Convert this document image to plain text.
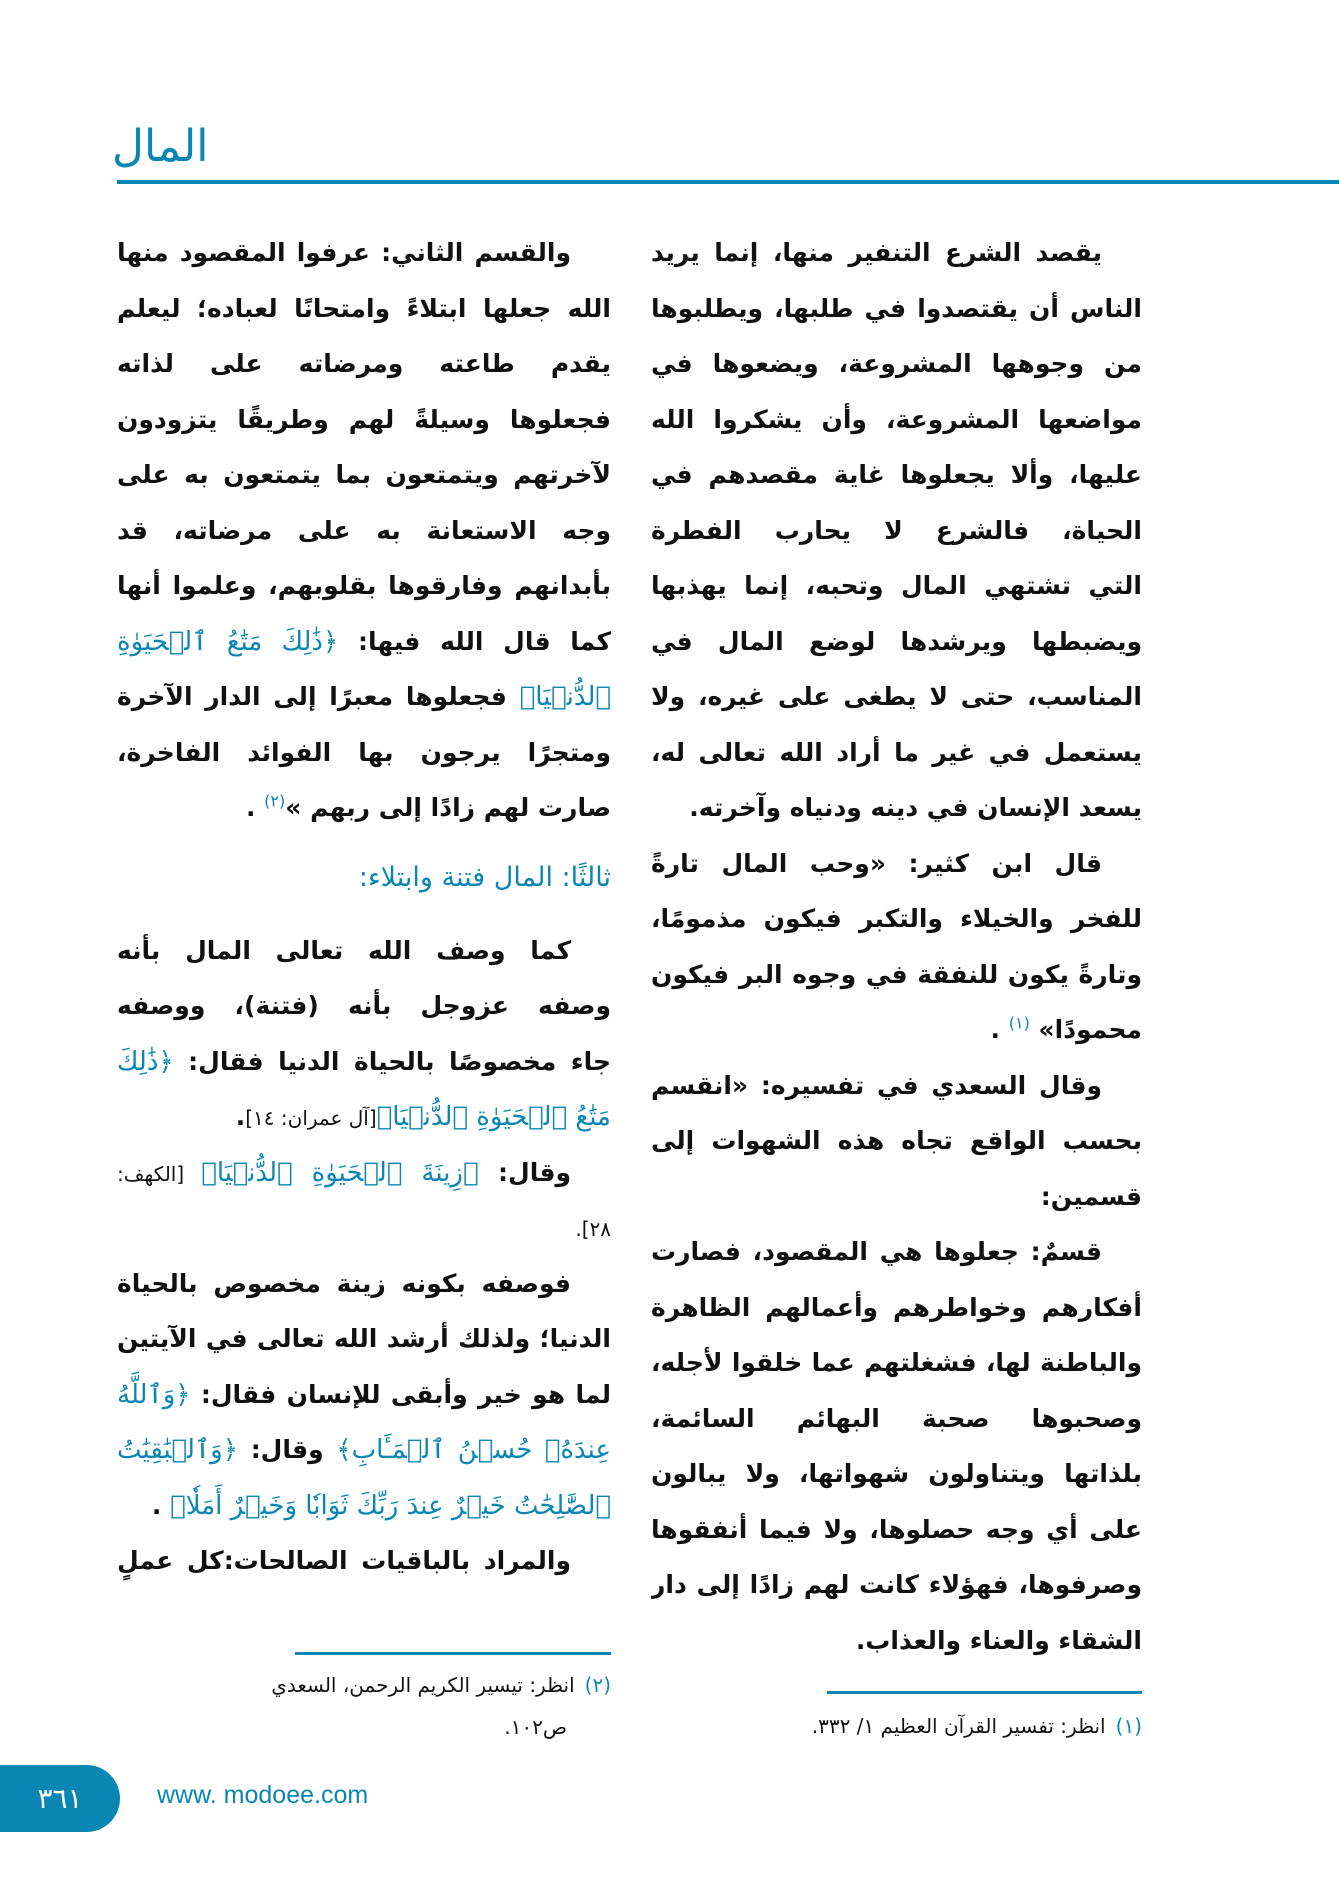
المال
يقصد الشرع التنفير منها، إنما يريد
الناس أن يقتصدوا في طلبها، ويطلبوها
من وجوهها المشروعة، ويضعوها في
مواضعها المشروعة، وأن يشكروا الله
عليها، وألا يجعلوها غاية مقصدهم في
الحياة، فالشرع لا يحارب الفطرة
التي تشتهي المال وتحبه، إنما يهذبها
ويضبطها ويرشدها لوضع المال في
المناسب، حتى لا يطغى على غيره، ولا
يستعمل في غير ما أراد الله تعالى له،
يسعد الإنسان في دينه ودنياه وآخرته.
قال ابن كثير: «وحب المال تارةً
للفخر والخيلاء والتكبر فيكون مذمومًا،
وتارةً يكون للنفقة في وجوه البر فيكون
محمودًا» $^{(١)}$ .
وقال السعدي في تفسيره: «انقسم
بحسب الواقع تجاه هذه الشهوات إلى
قسمين:
قسمٌ: جعلوها هي المقصود، فصارت
أفكارهم وخواطرهم وأعمالهم الظاهرة
والباطنة لها، فشغلتهم عما خلقوا لأجله،
وصحبوها صحبة البهائم السائمة،
بلذاتها ويتناولون شهواتها، ولا يبالون
على أي وجه حصلوها، ولا فيما أنفقوها
وصرفوها، فهؤلاء كانت لهم زادًا إلى دار
الشقاء والعناء والعذاب.
والقسم الثاني: عرفوا المقصود منها
الله جعلها ابتلاءً وامتحانًا لعباده؛ ليعلم
يقدم طاعته ومرضاته على لذاته
فجعلوها وسيلةً لهم وطريقًا يتزودون
لآخرتهم ويتمتعون بما يتمتعون به على
وجه الاستعانة به على مرضاته، قد
بأبدانهم وفارقوها بقلوبهم، وعلموا أنها
كما قال الله فيها: ﴿ذَٰلِكَ مَتَٰعُ ٱلۡحَيَوٰةِ
ٱلدُّنۡيَا﴾ فجعلوها معبرًا إلى الدار الآخرة
ومتجرًا يرجون بها الفوائد الفاخرة،
صارت لهم زادًا إلى ربهم »$^{(٢)}$ .
ثالثًا: المال فتنة وابتلاء:
كما وصف الله تعالى المال بأنه
وصفه عزوجل بأنه (فتنة)، ووصفه
جاء مخصوصًا بالحياة الدنيا فقال: ﴿ذَٰلِكَ
مَتَٰعُ ٱلۡحَيَوٰةِ ٱلدُّنۡيَا﴾[آل عمران: ١٤].
وقال: ﴿زِينَةَ ٱلۡحَيَوٰةِ ٱلدُّنۡيَا﴾ [الكهف:
٢٨].
فوصفه بكونه زينة مخصوص بالحياة
الدنيا؛ ولذلك أرشد الله تعالى في الآيتين
لما هو خير وأبقى للإنسان فقال: ﴿وَٱللَّهُ
عِندَهُۥ حُسۡنُ ٱلۡمَـَٔابِ﴾ وقال: ﴿وَٱلۡبَٰقِيَٰتُ
ٱلصَّٰلِحَٰتُ خَيۡرٌ عِندَ رَبِّكَ ثَوَابٗا وَخَيۡرٌ أَمَلٗا﴾ .
والمراد بالباقيات الصالحات:كل عملٍ
(١)انظر: تفسير القرآن العظيم ١/ ٣٣٢.
(٢)انظر: تيسير الكريم الرحمن، السعدي
ص١٠٢.
٣٦١	www. modoee.com
